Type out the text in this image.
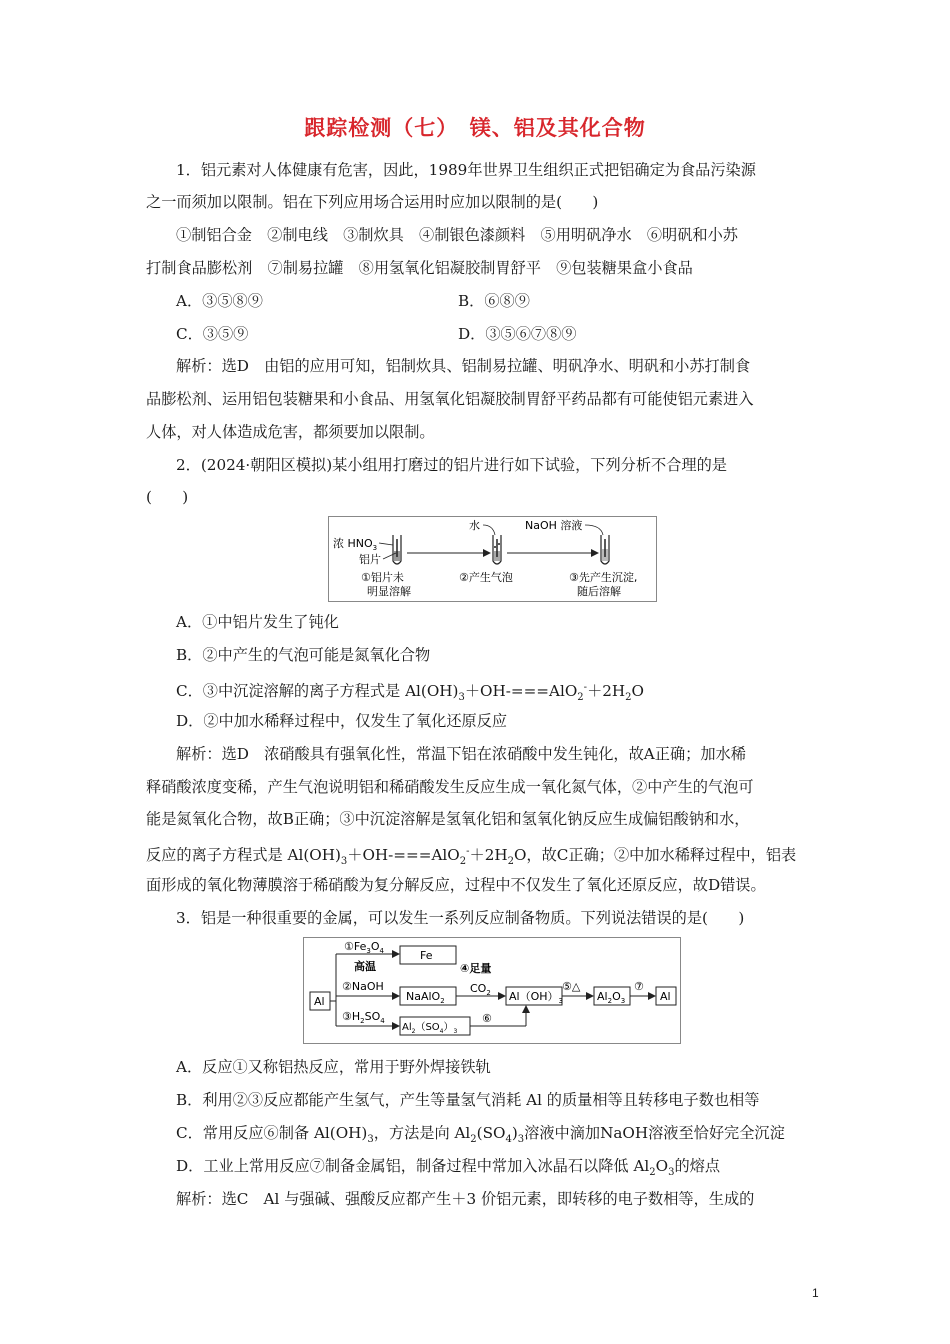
跟踪检测（七）　镁、铝及其化合物
1．铝元素对人体健康有危害，因此，1989年世界卫生组织正式把铝确定为食品污染源
之一而须加以限制。铝在下列应用场合运用时应加以限制的是(　　)
①制铝合金　②制电线　③制炊具　④制银色漆颜料　⑤用明矾净水　⑥明矾和小苏
打制食品膨松剂　⑦制易拉罐　⑧用氢氧化铝凝胶制胃舒平　⑨包装糖果盒小食品
A．③⑤⑧⑨	B．⑥⑧⑨
C．③⑤⑨	D．③⑤⑥⑦⑧⑨
解析：选D　由铝的应用可知，铝制炊具、铝制易拉罐、明矾净水、明矾和小苏打制食
品膨松剂、运用铝包装糖果和小食品、用氢氧化铝凝胶制胃舒平药品都有可能使铝元素进入
人体，对人体造成危害，都须要加以限制。
2．(2024·朝阳区模拟)某小组用打磨过的铝片进行如下试验，下列分析不合理的是
(　　)
浓 $HNO_3$
铝片
水	NaOH 溶液
①铝片未
明显溶解
②产生气泡	③先产生沉淀,
随后溶解
A．①中铝片发生了钝化
B．②中产生的气泡可能是氮氧化合物
C．③中沉淀溶解的离子方程式是 $Al(OH)_3+OH-===AlO_2^-+2H_2O$
D．②中加水稀释过程中，仅发生了氧化还原反应
解析：选D　浓硝酸具有强氧化性，常温下铝在浓硝酸中发生钝化，故A正确；加水稀
释硝酸浓度变稀，产生气泡说明铝和稀硝酸发生反应生成一氧化氮气体，②中产生的气泡可
能是氮氧化合物，故B正确；③中沉淀溶解是氢氧化铝和氢氧化钠反应生成偏铝酸钠和水，
反应的离子方程式是 $Al(OH)_3+OH-===AlO_2^-+2H_2O$，故C正确；②中加水稀释过程中，铝表
面形成的氧化物薄膜溶于稀硝酸为复分解反应，过程中不仅发生了氧化还原反应，故D错误。
3．铝是一种很重要的金属，可以发生一系列反应制备物质。下列说法错误的是(　　)
Al
$①Fe_3O_4$
高温
Fe
②NaOH
NaAlO$_2$
④足量
$CO_2$ $Al(OH)_3$
⑤△
$Al_2O_3$
⑦
Al
$③H_2SO_4$
$Al_2(SO_4)_3$
⑥
A．反应①又称铝热反应，常用于野外焊接铁轨
B．利用②③反应都能产生氢气，产生等量氢气消耗 Al 的质量相等且转移电子数也相等
C．常用反应⑥制备 $Al(OH)_3$，方法是向 $Al_2(SO_4)_3$溶液中滴加NaOH溶液至恰好完全沉淀
D．工业上常用反应⑦制备金属铝，制备过程中常加入冰晶石以降低 $Al_2O_3$的熔点
解析：选C　Al 与强碱、强酸反应都产生＋3 价铝元素，即转移的电子数相等，生成的
1
